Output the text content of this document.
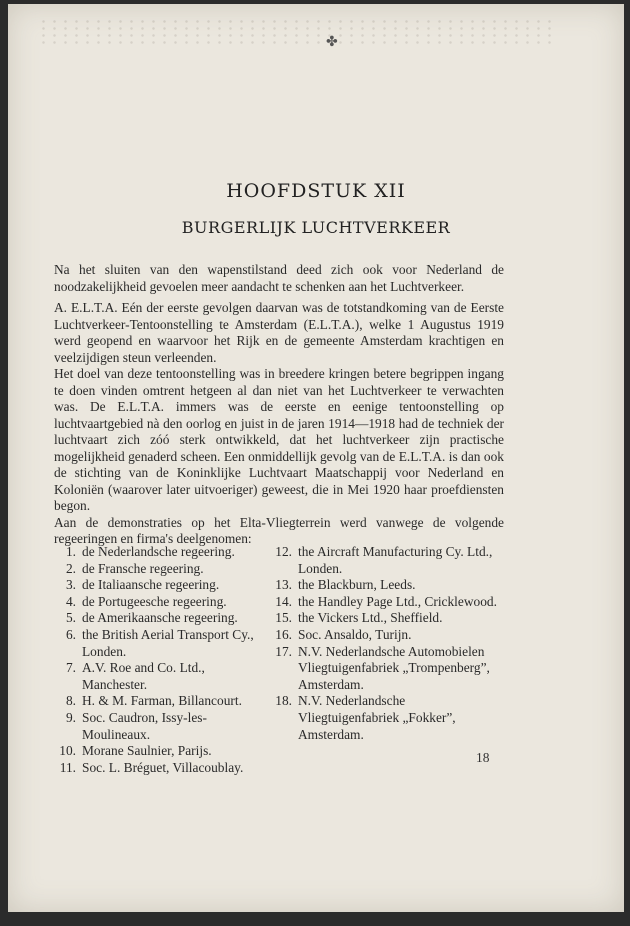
✤
HOOFDSTUK XII
BURGERLIJK LUCHTVERKEER

Na het sluiten van den wapenstilstand deed zich ook voor Nederland de noodzakelijkheid gevoelen meer aandacht te schenken aan het Luchtverkeer.

A. E.L.T.A. Eén der eerste gevolgen daarvan was de totstandkoming van de Eerste Luchtverkeer-Tentoonstelling te Amsterdam (E.L.T.A.), welke 1 Augustus 1919 werd geopend en waarvoor het Rijk en de gemeente Amsterdam krachtigen en veelzijdigen steun verleenden.

Het doel van deze tentoonstelling was in breedere kringen betere begrippen ingang te doen vinden omtrent hetgeen al dan niet van het Luchtverkeer te verwachten was. De E.L.T.A. immers was de eerste en eenige tentoonstelling op luchtvaartgebied nà den oorlog en juist in de jaren 1914—1918 had de techniek der luchtvaart zich zóó sterk ontwikkeld, dat het luchtverkeer zijn practische mogelijkheid genaderd scheen. Een onmiddellijk gevolg van de E.L.T.A. is dan ook de stichting van de Koninklijke Luchtvaart Maatschappij voor Nederland en Koloniën (waarover later uitvoeriger) geweest, die in Mei 1920 haar proefdiensten begon.

Aan de demonstraties op het Elta-Vliegterrein werd vanwege de volgende regeeringen en firma's deelgenomen:

1. de Nederlandsche regeering.
2. de Fransche regeering.
3. de Italiaansche regeering.
4. de Portugeesche regeering.
5. de Amerikaansche regeering.
6. the British Aerial Transport Cy., Londen.
7. A.V. Roe and Co. Ltd., Manchester.
8. H. & M. Farman, Billancourt.
9. Soc. Caudron, Issy-les-Moulineaux.
10. Morane Saulnier, Parijs.
11. Soc. L. Bréguet, Villacoublay.
12. the Aircraft Manufacturing Cy. Ltd., Londen.
13. the Blackburn, Leeds.
14. the Handley Page Ltd., Cricklewood.
15. the Vickers Ltd., Sheffield.
16. Soc. Ansaldo, Turijn.
17. N.V. Nederlandsche Automobielen Vliegtuigenfabriek „Trompenberg”, Amsterdam.
18. N.V. Nederlandsche Vliegtuigenfabriek „Fokker”, Amsterdam.
18
